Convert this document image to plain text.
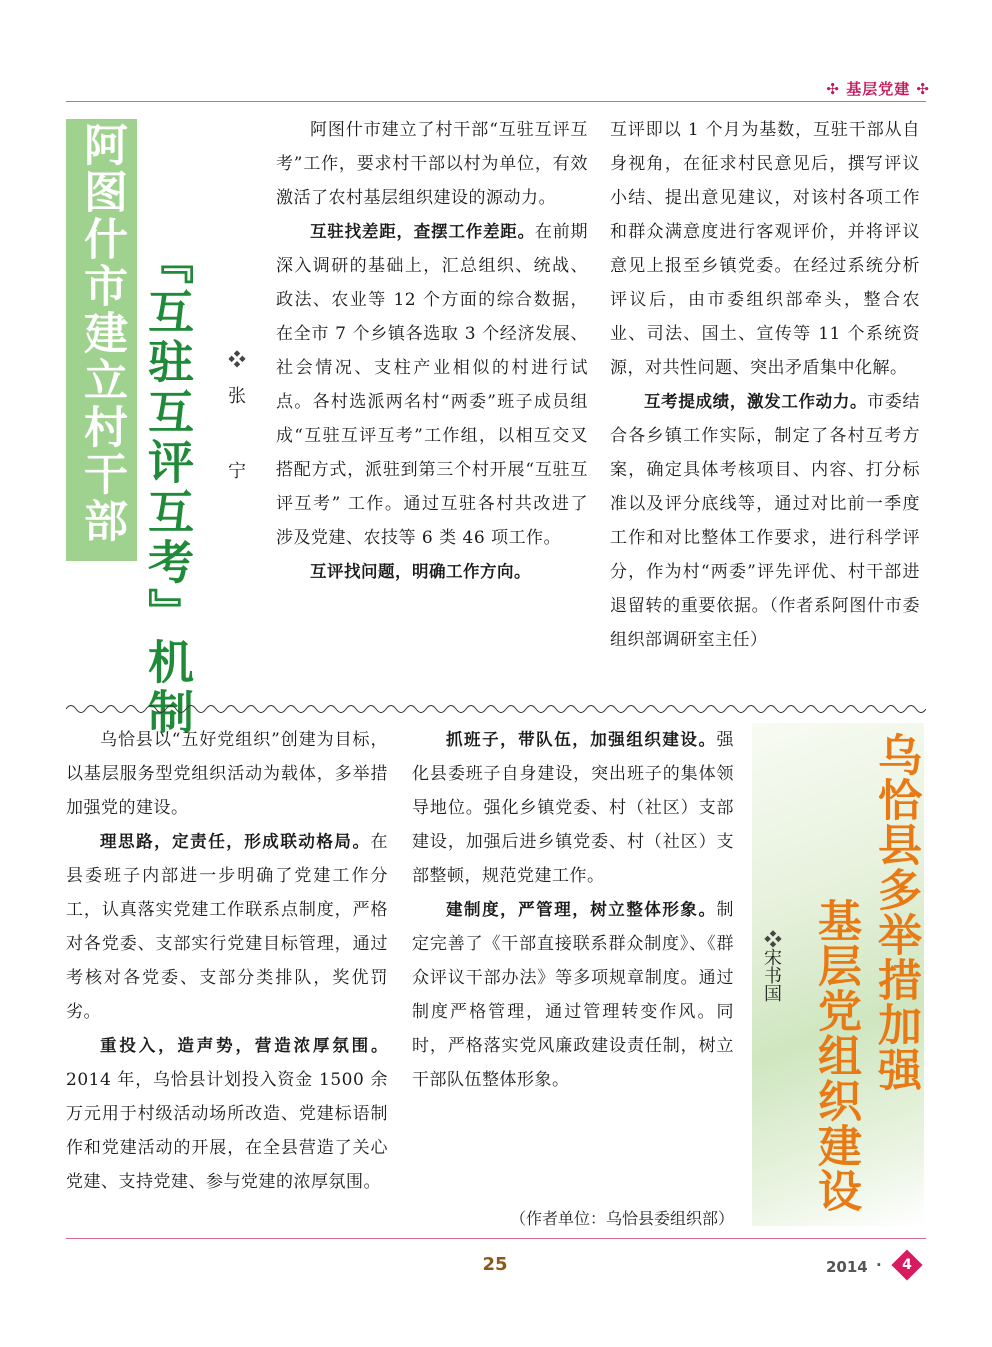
✣ 基层党建 ✣
阿图什市建立村干部 『互驻互评互考』机制 ❖张 宁

阿图什市建立了村干部“互驻互评互考”工作，要求村干部以村为单位，有效激活了农村基层组织建设的源动力。

互驻找差距，查摆工作差距。在前期深入调研的基础上，汇总组织、统战、政法、农业等 12 个方面的综合数据，在全市 7 个乡镇各选取 3 个经济发展、社会情况、支柱产业相似的村进行试点。各村选派两名村“两委”班子成员组成“互驻互评互考”工作组，以相互交叉搭配方式，派驻到第三个村开展“互驻互评互考” 工作。通过互驻各村共改进了涉及党建、农技等 6 类 46 项工作。

互评找问题，明确工作方向。

互评即以 1 个月为基数，互驻干部从自身视角，在征求村民意见后，撰写评议小结、提出意见建议，对该村各项工作和群众满意度进行客观评价，并将评议意见上报至乡镇党委。在经过系统分析评议后，由市委组织部牵头，整合农业、司法、国土、宣传等 11 个系统资源，对共性问题、突出矛盾集中化解。

互考提成绩，激发工作动力。市委结合各乡镇工作实际，制定了各村互考方案，确定具体考核项目、内容、打分标准以及评分底线等，通过对比前一季度工作和对比整体工作要求，进行科学评分，作为村“两委”评先评优、村干部进退留转的重要依据。（作者系阿图什市委组织部调研室主任）

乌恰县以“五好党组织”创建为目标，以基层服务型党组织活动为载体，多举措加强党的建设。

理思路，定责任，形成联动格局。在县委班子内部进一步明确了党建工作分工，认真落实党建工作联系点制度，严格对各党委、支部实行党建目标管理，通过考核对各党委、支部分类排队，奖优罚劣。

重投入，造声势，营造浓厚氛围。2014 年，乌恰县计划投入资金 1500 余万元用于村级活动场所改造、党建标语制作和党建活动的开展，在全县营造了关心党建、支持党建、参与党建的浓厚氛围。

抓班子，带队伍，加强组织建设。强化县委班子自身建设，突出班子的集体领导地位。强化乡镇党委、村（社区）支部建设，加强后进乡镇党委、村（社区）支部整顿，规范党建工作。

建制度，严管理，树立整体形象。制定完善了《干部直接联系群众制度》、《群众评议干部办法》等多项规章制度。通过制度严格管理，通过管理转变作风。同时，严格落实党风廉政建设责任制，树立干部队伍整体形象。

（作者单位：乌恰县委组织部）
乌恰县多举措加强
基层党组织建设
❖宋书国
25	2014 ·	4
